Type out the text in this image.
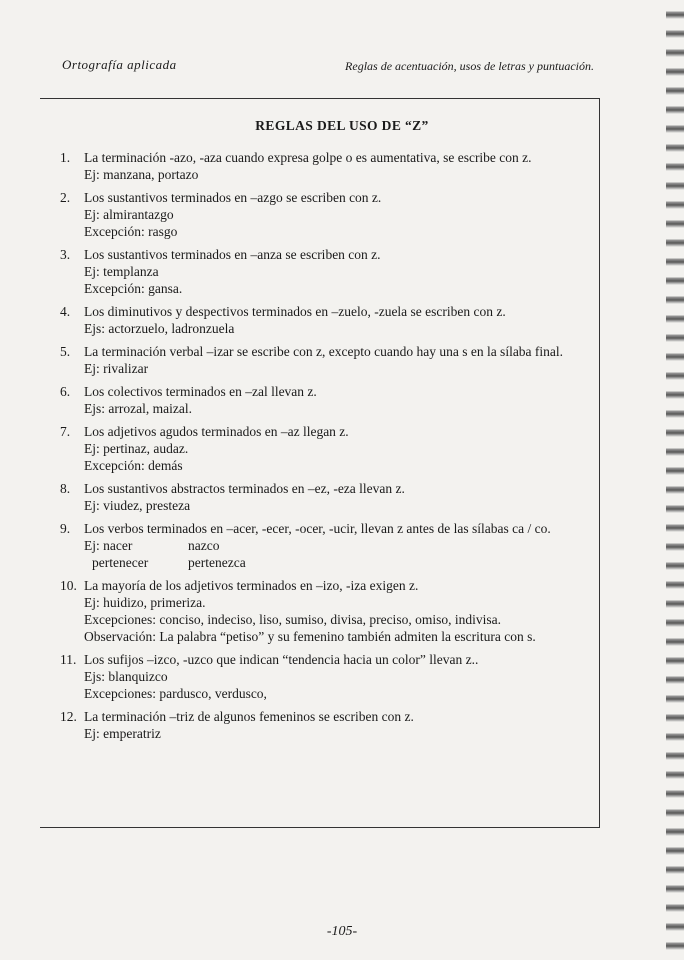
Ortografía aplicada	Reglas de acentuación, usos de letras y puntuación.
REGLAS DEL USO DE “Z”
1. La terminación -azo, -aza cuando expresa golpe o es aumentativa, se escribe con z.

Ej: manzana, portazo

2. Los sustantivos terminados en –azgo se escriben con z.

Ej: almirantazgo

Excepción: rasgo

3. Los sustantivos terminados en –anza se escriben con z.

Ej: templanza

Excepción: gansa.

4. Los diminutivos y despectivos terminados en –zuelo, -zuela se escriben con z.

Ejs: actorzuelo, ladronzuela

5. La terminación verbal –izar se escribe con z, excepto cuando hay una s en la sílaba final.

Ej: rivalizar

6. Los colectivos terminados en –zal llevan z.

Ejs: arrozal, maizal.

7. Los adjetivos agudos terminados en –az llegan z.

Ej: pertinaz, audaz.

Excepción: demás

8. Los sustantivos abstractos terminados en –ez, -eza llevan z.

Ej: viudez, presteza

9. Los verbos terminados en –acer, -ecer, -ocer, -ucir, llevan z antes de las sílabas ca / co.

Ej: nacer	nazco
pertenecer	pertenezca
10. La mayoría de los adjetivos terminados en –izo, -iza exigen z.

Ej: huidizo, primeriza.

Excepciones: conciso, indeciso, liso, sumiso, divisa, preciso, omiso, indivisa.

Observación: La palabra “petiso” y su femenino también admiten la escritura con s.

11. Los sufijos –izco, -uzco que indican “tendencia hacia un color” llevan z..

Ejs: blanquizco

Excepciones: pardusco, verdusco,

12. La terminación –triz de algunos femeninos se escriben con z.

Ej: emperatriz

-105-
